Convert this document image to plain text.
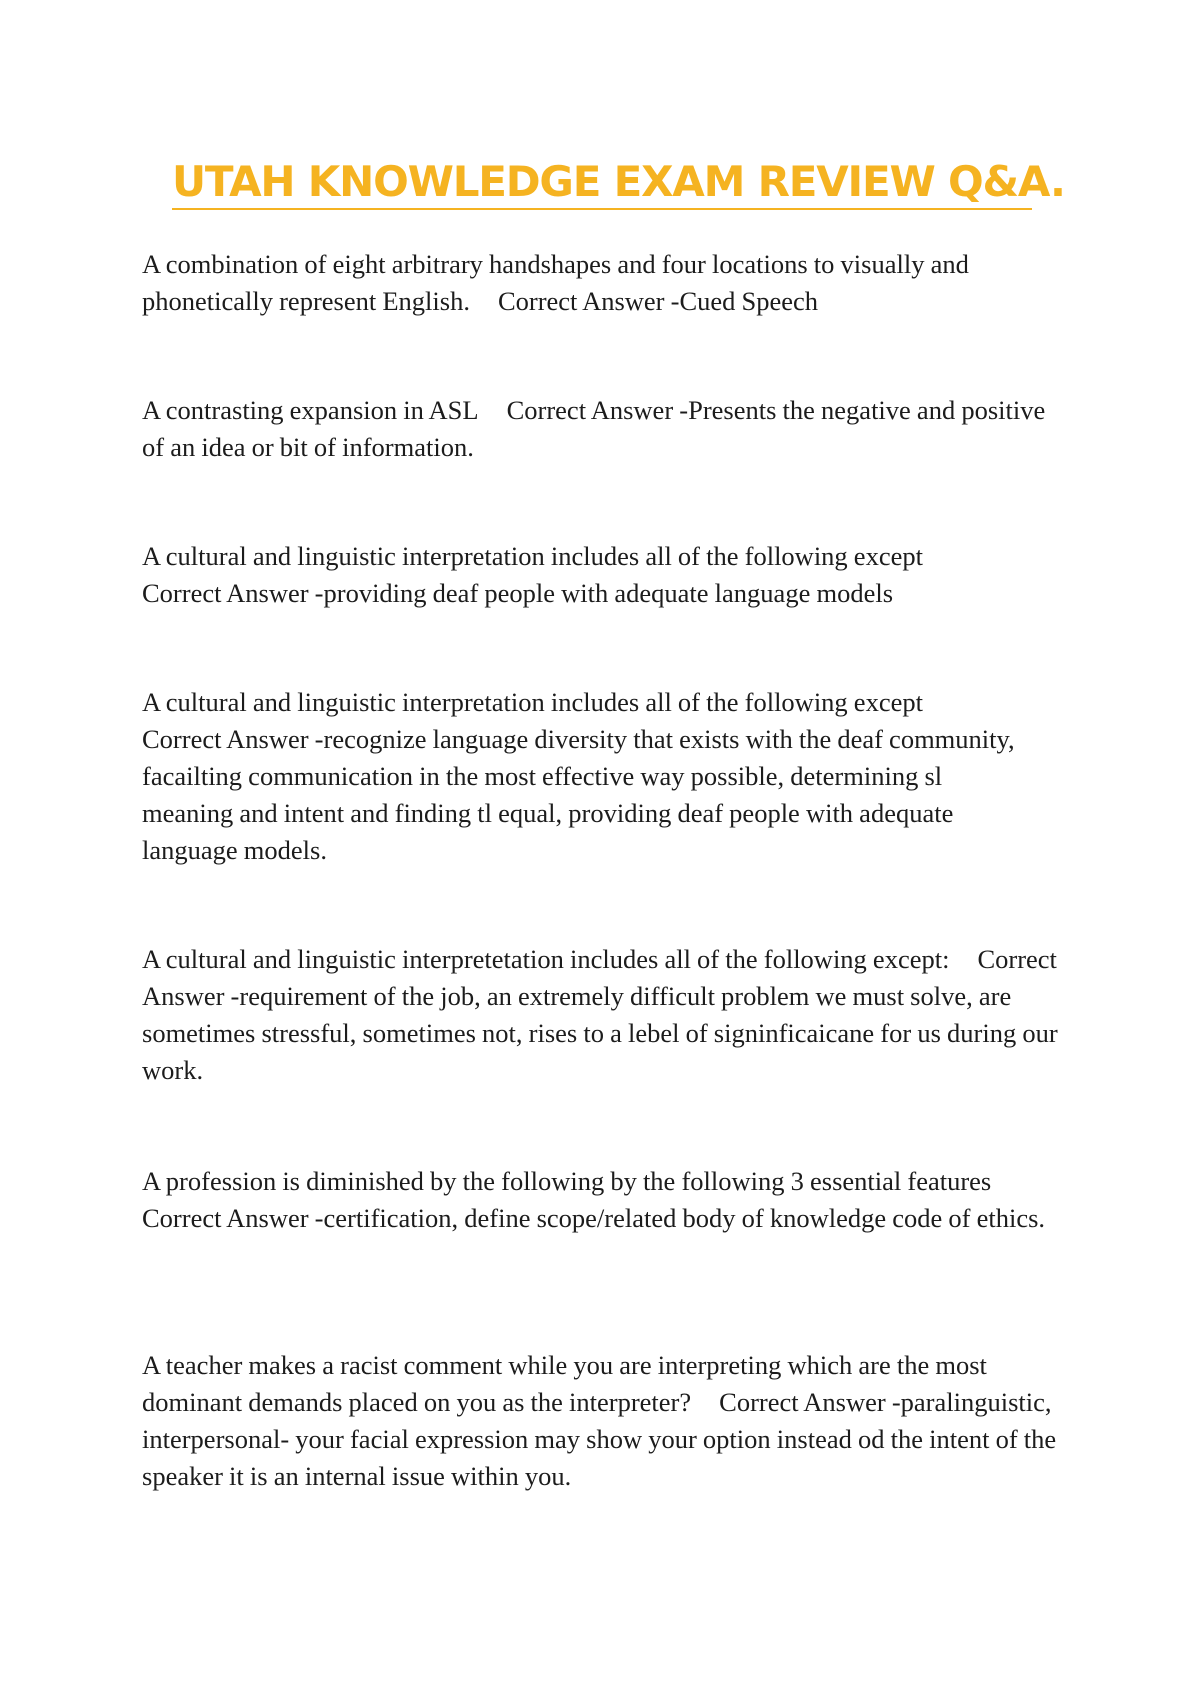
UTAH KNOWLEDGE EXAM REVIEW Q&A.

A combination of eight arbitrary handshapes and four locations to visually and phonetically represent English. Correct Answer -Cued Speech

A contrasting expansion in ASL Correct Answer -Presents the negative and positive of an idea or bit of information.

A cultural and linguistic interpretation includes all of the following exceptCorrect Answer -providing deaf people with adequate language models

A cultural and linguistic interpretation includes all of the following exceptCorrect Answer -recognize language diversity that exists with the deaf community, facailting communication in the most effective way possible, determining sl meaning and intent and finding tl equal, providing deaf people with adequate language models.

A cultural and linguistic interpretetation includes all of the following except: Correct Answer -requirement of the job, an extremely difficult problem we must solve, are sometimes stressful, sometimes not, rises to a lebel of signinficaicane for us during our work.

A profession is diminished by the following by the following 3 essential featuresCorrect Answer -certification, define scope/related body of knowledge code of ethics.

A teacher makes a racist comment while you are interpreting which are the most dominant demands placed on you as the interpreter? Correct Answer -paralinguistic, interpersonal- your facial expression may show your option instead od the intent of the speaker it is an internal issue within you.
